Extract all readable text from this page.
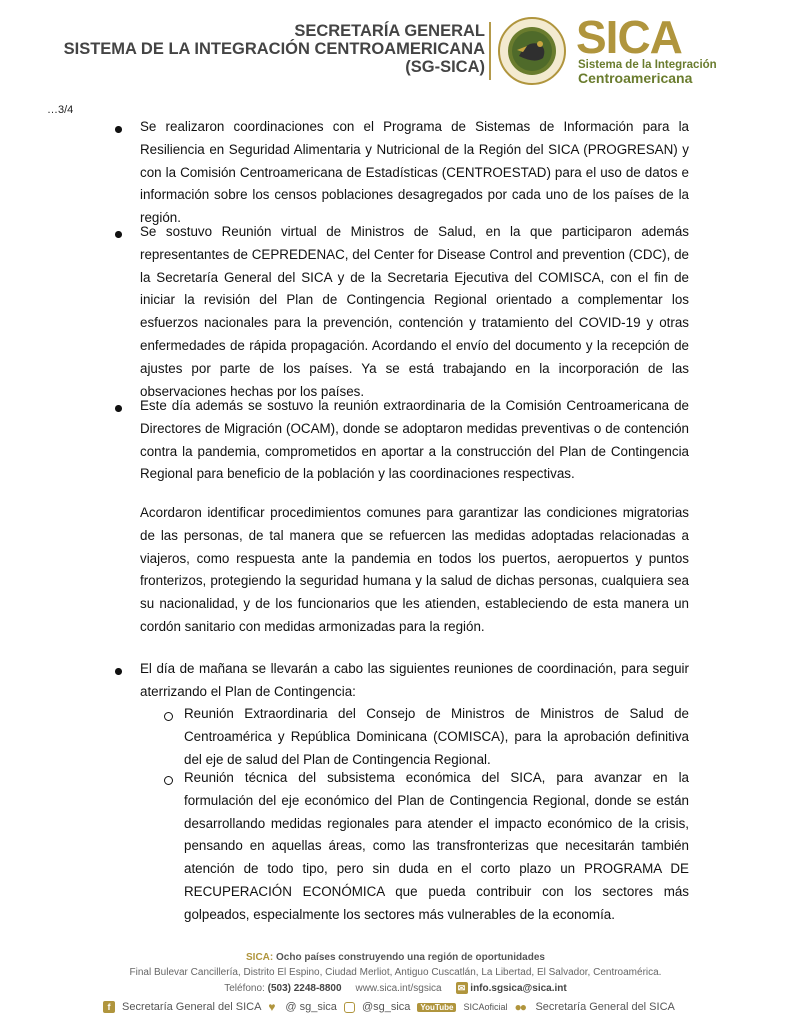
SECRETARÍA GENERAL
SISTEMA DE LA INTEGRACIÓN CENTROAMERICANA
(SG-SICA)
SICA
Sistema de la Integración
Centroamericana
…3/4
Se realizaron coordinaciones con el Programa de Sistemas de Información para la Resiliencia en Seguridad Alimentaria y Nutricional de la Región del SICA (PROGRESAN) y con la Comisión Centroamericana de Estadísticas (CENTROESTAD) para el uso de datos e información sobre los censos poblaciones desagregados por cada uno de los países de la región.
Se sostuvo Reunión virtual de Ministros de Salud, en la que participaron además representantes de CEPREDENAC, del Center for Disease Control and prevention (CDC), de la Secretaría General del SICA y de la Secretaria Ejecutiva del COMISCA, con el fin de iniciar la revisión del Plan de Contingencia Regional orientado a complementar los esfuerzos nacionales para la prevención, contención y tratamiento del COVID-19 y otras enfermedades de rápida propagación. Acordando el envío del documento y la recepción de ajustes por parte de los países. Ya se está trabajando en la incorporación de las observaciones hechas por los países.
Este día además se sostuvo la reunión extraordinaria de la Comisión Centroamericana de Directores de Migración (OCAM), donde se adoptaron medidas preventivas o de contención contra la pandemia, comprometidos en aportar a la construcción del Plan de Contingencia Regional para beneficio de la población y las coordinaciones respectivas.
Acordaron identificar procedimientos comunes para garantizar las condiciones migratorias de las personas, de tal manera que se refuercen las medidas adoptadas relacionadas a viajeros, como respuesta ante la pandemia en todos los puertos, aeropuertos y puntos fronterizos, protegiendo la seguridad humana y la salud de dichas personas, cualquiera sea su nacionalidad, y de los funcionarios que les atienden, estableciendo de esta manera un cordón sanitario con medidas armonizadas para la región.
El día de mañana se llevarán a cabo las siguientes reuniones de coordinación, para seguir aterrizando el Plan de Contingencia:
Reunión Extraordinaria del Consejo de Ministros de Ministros de Salud de Centroamérica y República Dominicana (COMISCA), para la aprobación definitiva del eje de salud del Plan de Contingencia Regional.
Reunión técnica del subsistema económica del SICA, para avanzar en la formulación del eje económico del Plan de Contingencia Regional, donde se están desarrollando medidas regionales para atender el impacto económico de la crisis, pensando en aquellas áreas, como las transfronterizas que necesitarán también atención de todo tipo, pero sin duda en el corto plazo un PROGRAMA DE RECUPERACIÓN ECONÓMICA que pueda contribuir con los sectores más golpeados, especialmente los sectores más vulnerables de la economía.
SICA: Ocho países construyendo una región de oportunidades
Final Bulevar Cancillería, Distrito El Espino, Ciudad Merliot, Antiguo Cuscatlán, La Libertad, El Salvador, Centroamérica.
Teléfono: (503) 2248-8800 www.sica.int/sgsica ✉ info.sgsica@sica.int
f	Secretaría General del SICA ♥	@ sg_sica @sg_sica	YouTube	SICAoficial ●● Secretaría General del SICA
